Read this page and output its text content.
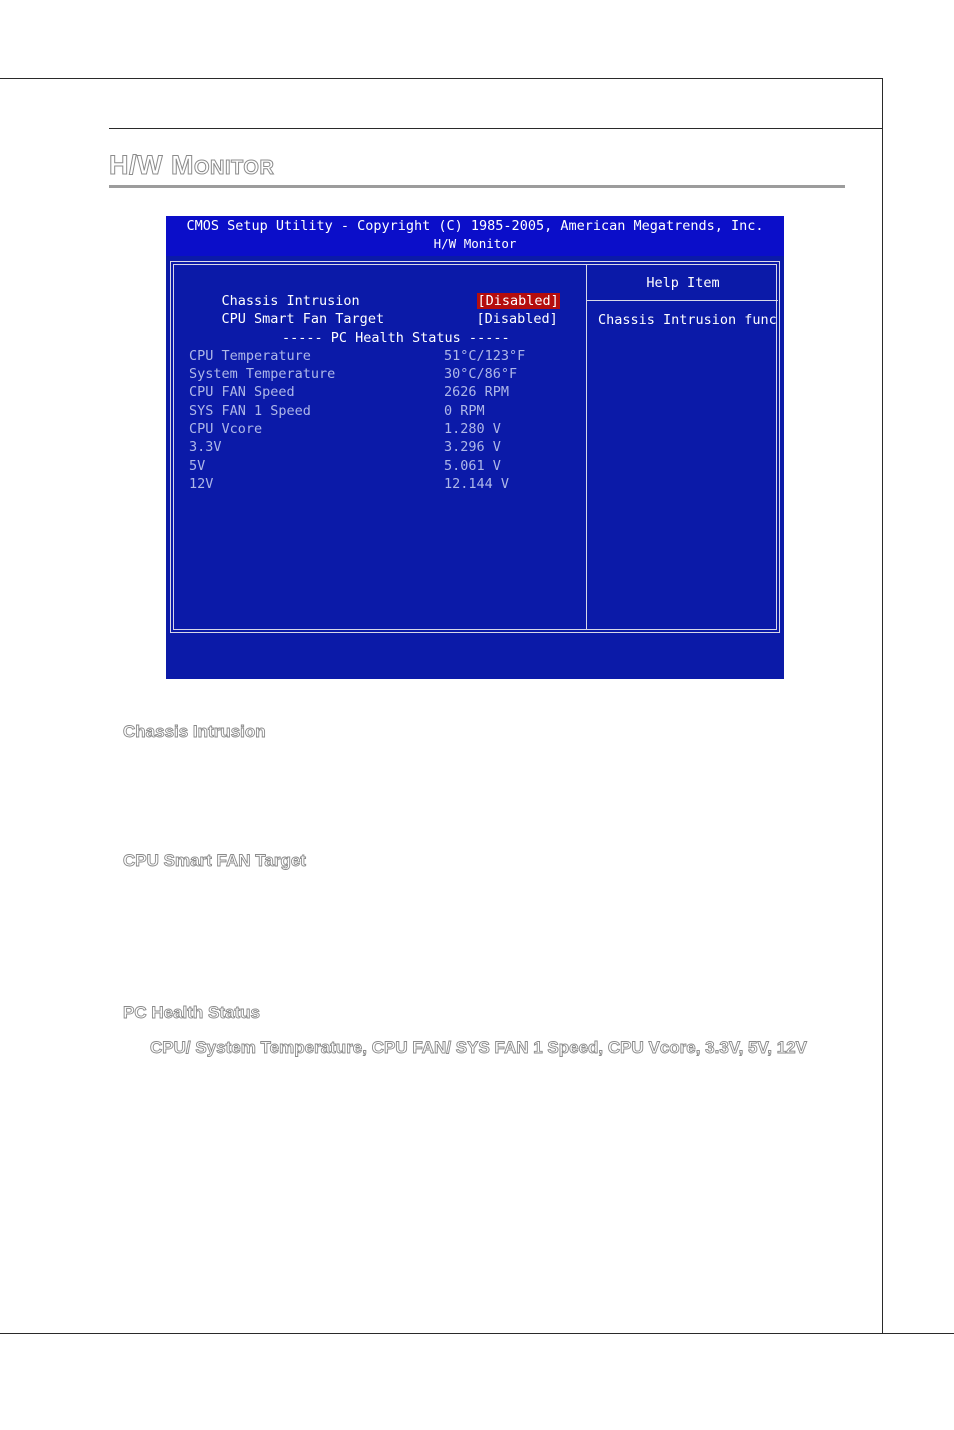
H/W MONITOR
CMOS Setup Utility - Copyright (C) 1985-2005, American Megatrends, Inc.
H/W Monitor

Chassis Intrusion
	[Disabled]

CPU Smart Fan Target
	[Disabled]

----- PC Health Status -----
CPU Temperature	51°C/123°F
System Temperature	30°C/86°F
CPU FAN Speed	2626 RPM
SYS FAN 1 Speed	0 RPM
CPU Vcore	1.280 V
3.3V	3.296 V
5V	5.061 V
12V	12.144 V
Help Item
Chassis Intrusion func

↑↓↔:Move  Enter:Select  +/-/:Value  F10:Save  ESC:Exit  F1:General Help

F8:Fail-Safe Defaults    F6:Optimized Defaults

Chassis Intrusion
CPU Smart FAN Target
PC Health Status

CPU/ System Temperature, CPU FAN/ SYS FAN 1 Speed, CPU Vcore, 3.3V, 5V, 12V
